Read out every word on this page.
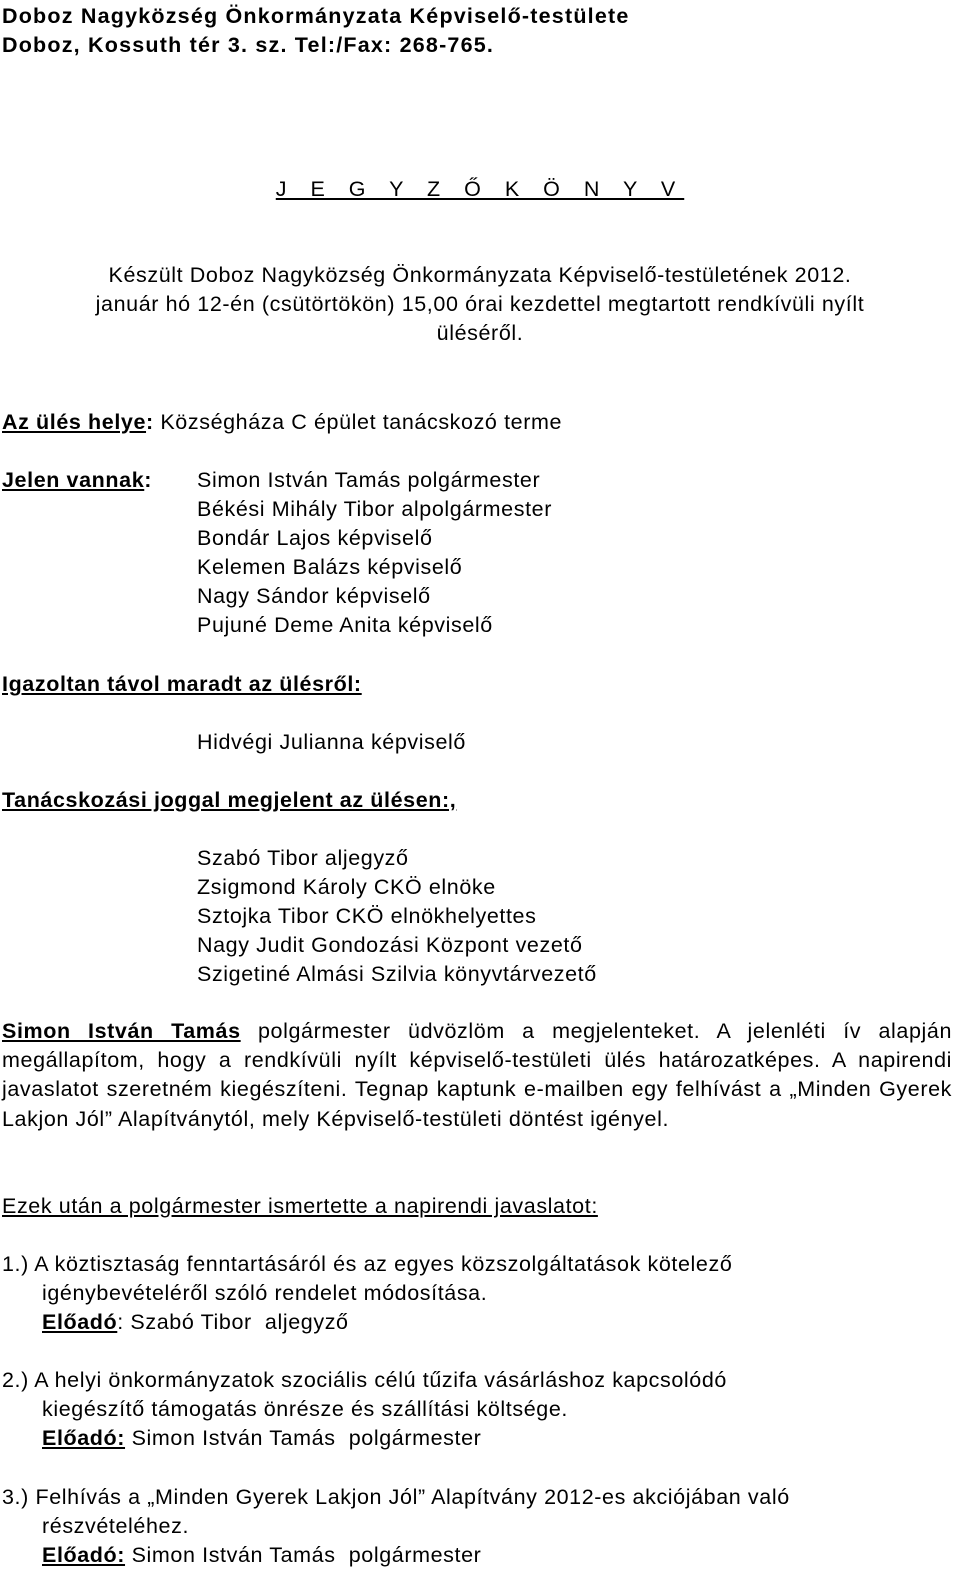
Doboz Nagyközség Önkormányzata Képviselő-testülete
Doboz, Kossuth tér 3. sz. Tel:/Fax: 268-765.
J E G Y Z Ő K Ö N Y V
Készült Doboz Nagyközség Önkormányzata Képviselő-testületének 2012.
január hó 12-én (csütörtökön) 15,00 órai kezdettel megtartott rendkívüli nyílt
üléséről.
Az ülés helye: Községháza C épület tanácskozó terme
Jelen vannak: Simon István Tamás polgármester
Békési Mihály Tibor alpolgármester
Bondár Lajos képviselő
Kelemen Balázs képviselő
Nagy Sándor képviselő
Pujuné Deme Anita képviselő
Igazoltan távol maradt az ülésről:
Hidvégi Julianna képviselő
Tanácskozási joggal megjelent az ülésen:,
Szabó Tibor aljegyző
Zsigmond Károly CKÖ elnöke
Sztojka Tibor CKÖ elnökhelyettes
Nagy Judit Gondozási Központ vezető
Szigetiné Almási Szilvia könyvtárvezető
Simon István Tamás polgármester üdvözlöm a megjelenteket. A jelenléti ív alapján megállapítom, hogy a rendkívüli nyílt képviselő-testületi ülés határozatképes. A napirendi javaslatot szeretném kiegészíteni. Tegnap kaptunk e-mailben egy felhívást a „Minden Gyerek Lakjon Jól” Alapítványtól, mely Képviselő-testületi döntést igényel.
Ezek után a polgármester ismertette a napirendi javaslatot:
1.) A köztisztaság fenntartásáról és az egyes közszolgáltatások kötelező
igénybevételéről szóló rendelet módosítása.
Előadó: Szabó Tibor  aljegyző
2.) A helyi önkormányzatok szociális célú tűzifa vásárláshoz kapcsolódó
kiegészítő támogatás önrésze és szállítási költsége.
Előadó: Simon István Tamás  polgármester
3.) Felhívás a „Minden Gyerek Lakjon Jól” Alapítvány 2012-es akciójában való
részvételéhez.
Előadó: Simon István Tamás  polgármester
